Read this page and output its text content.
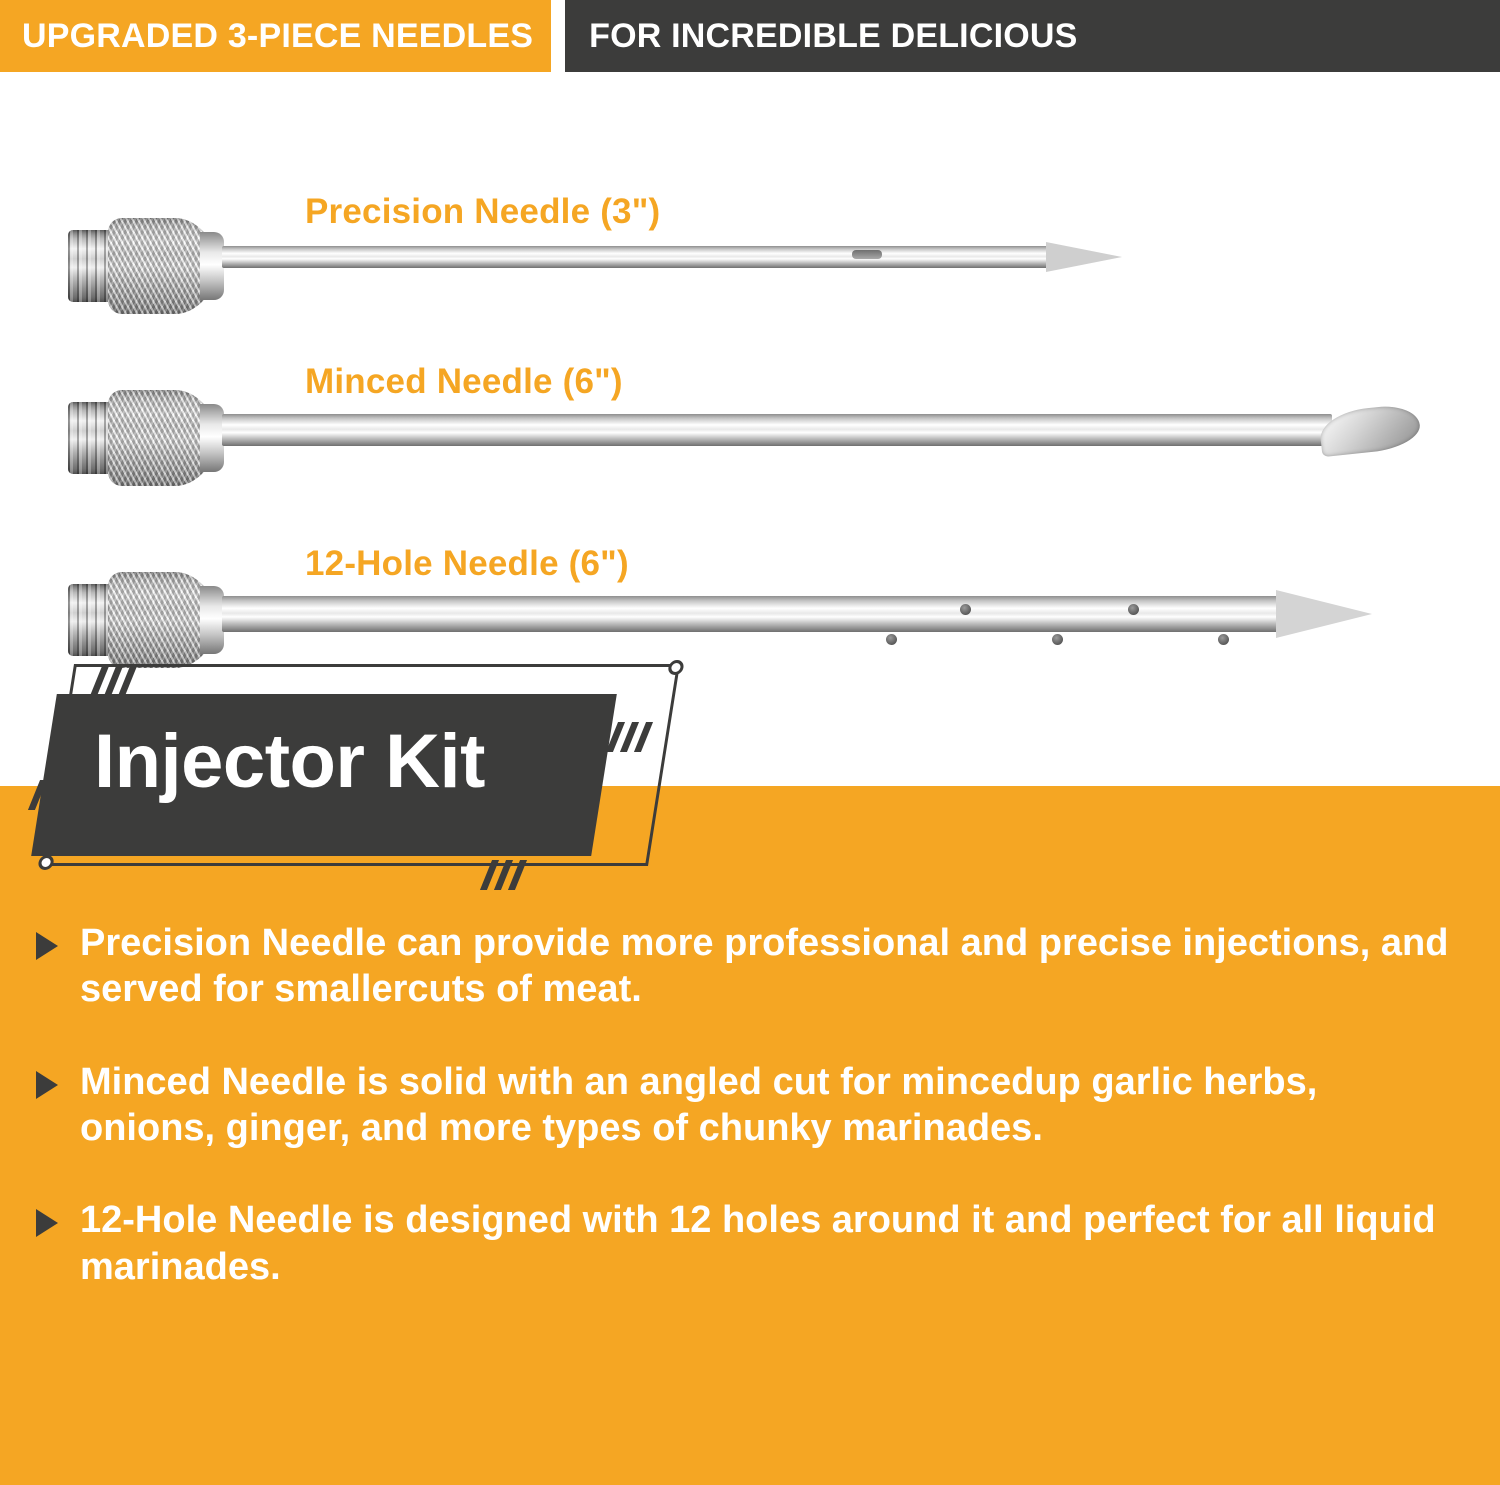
UPGRADED 3-PIECE NEEDLES	FOR INCREDIBLE DELICIOUS
Precision Needle (3")
Minced Needle (6")
12-Hole Needle (6")
Injector Kit
Precision Needle can provide more professional and precise injections, and served for smallercuts of meat.
Minced Needle is solid with an angled cut for mincedup garlic herbs, onions, ginger, and more types of chunky marinades.
12-Hole Needle is designed with 12 holes around it and perfect for all liquid marinades.
